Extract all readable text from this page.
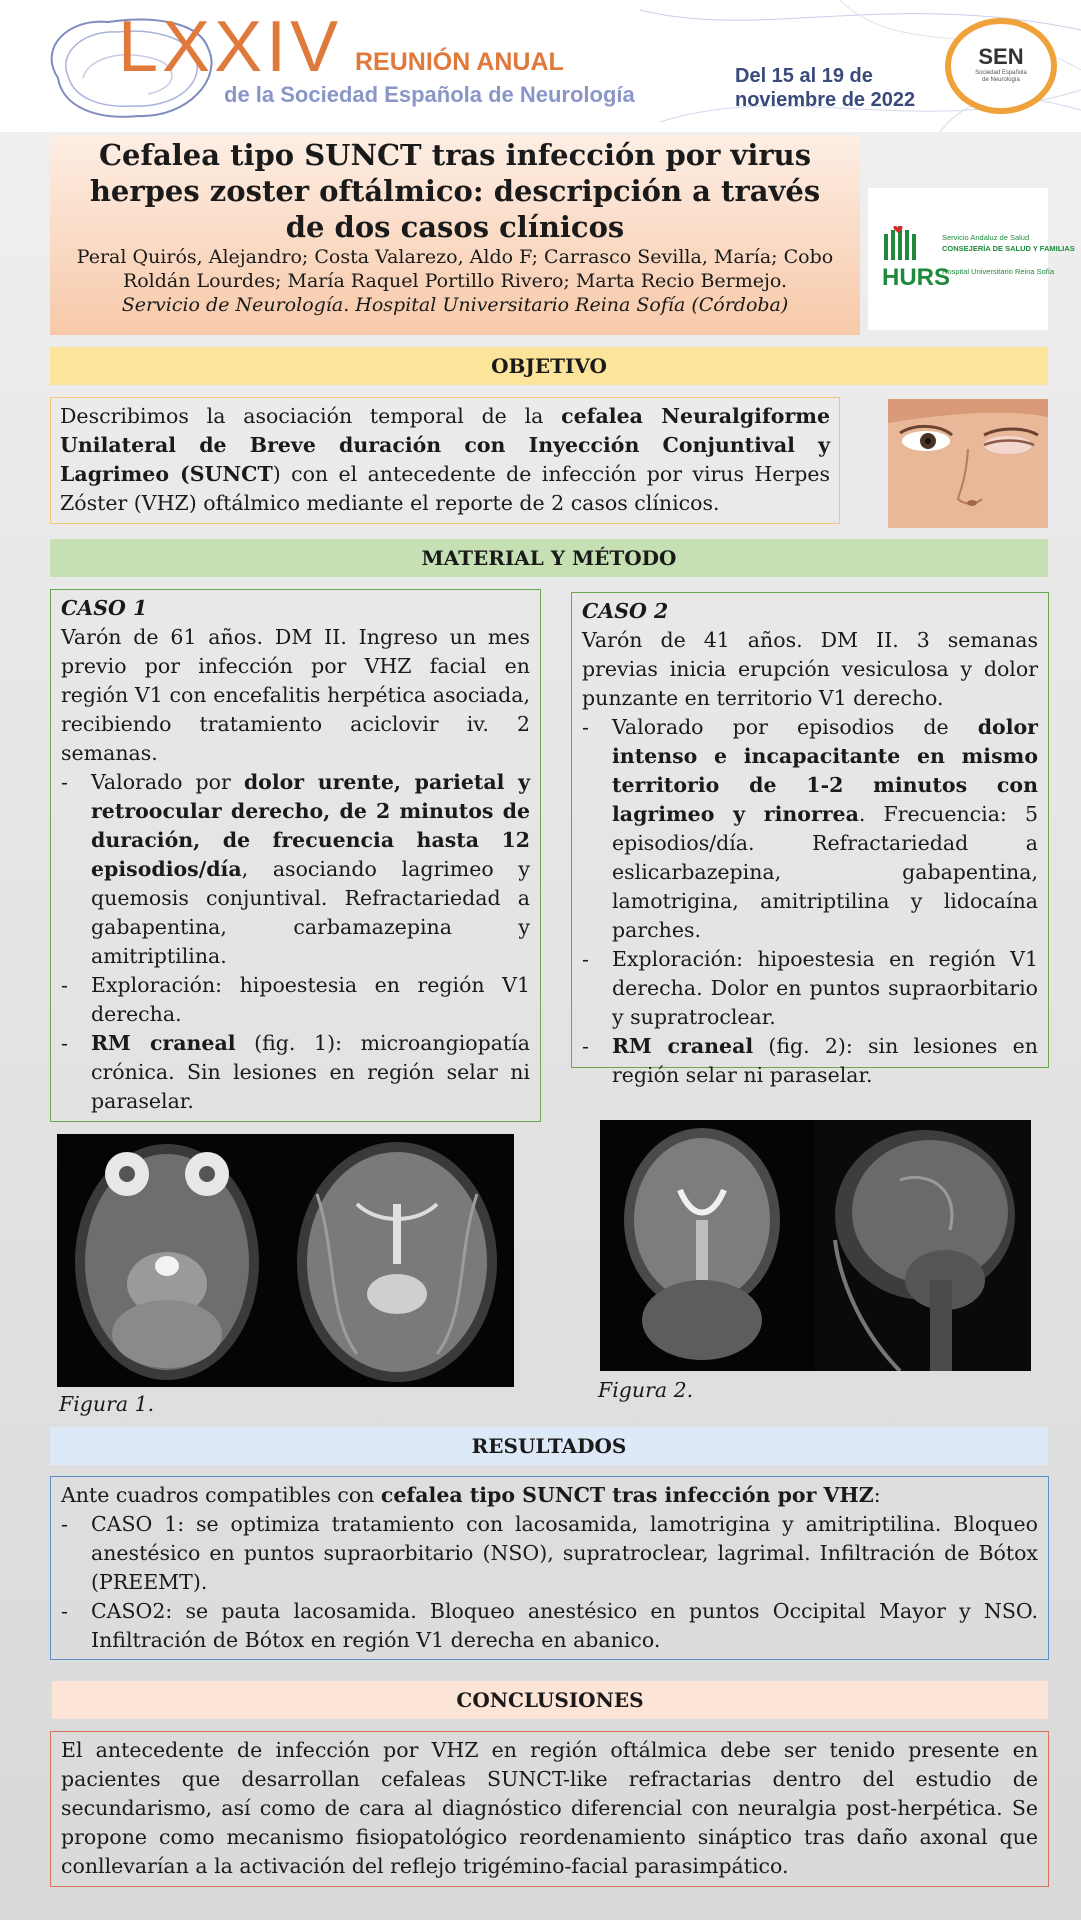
LXXIV REUNIÓN ANUAL
de la Sociedad Española de Neurología
Del 15 al 19 de
noviembre de 2022
SEN
Sociedad Española
de Neurología
Cefalea tipo SUNCT tras infección por virus herpes zoster oftálmico: descripción a través de dos casos clínicos
Peral Quirós, Alejandro; Costa Valarezo, Aldo F; Carrasco Sevilla, María; Cobo Roldán Lourdes; María Raquel Portillo Rivero; Marta Recio Bermejo.
Servicio de Neurología. Hospital Universitario Reina Sofía (Córdoba)
HURS
Servicio Andaluz de Salud
CONSEJERÍA DE SALUD Y FAMILIAS
Hospital Universitario Reina Sofía
OBJETIVO
Describimos la asociación temporal de la cefalea Neuralgiforme Unilateral de Breve duración con Inyección Conjuntival y Lagrimeo (SUNCT) con el antecedente de infección por virus Herpes Zóster (VHZ) oftálmico mediante el reporte de 2 casos clínicos.
MATERIAL Y MÉTODO
CASO 1
Varón de 61 años. DM II. Ingreso un mes previo por infección por VHZ facial en región V1 con encefalitis herpética asociada, recibiendo tratamiento aciclovir iv. 2 semanas.
- Valorado por dolor urente, parietal y retroocular derecho, de 2 minutos de duración, de frecuencia hasta 12 episodios/día, asociando lagrimeo y quemosis conjuntival. Refractariedad a gabapentina, carbamazepina y amitriptilina.
- Exploración: hipoestesia en región V1 derecha.
- RM craneal (fig. 1): microangiopatía crónica. Sin lesiones en región selar ni paraselar.
CASO 2
Varón de 41 años. DM II. 3 semanas previas inicia erupción vesiculosa y dolor punzante en territorio V1 derecho.
- Valorado por episodios de dolor intenso e incapacitante en mismo territorio de 1-2 minutos con lagrimeo y rinorrea. Frecuencia: 5 episodios/día. Refractariedad a eslicarbazepina, gabapentina, lamotrigina, amitriptilina y lidocaína parches.
- Exploración: hipoestesia en región V1 derecha. Dolor en puntos supraorbitario y supratroclear.
- RM craneal (fig. 2): sin lesiones en región selar ni paraselar.
Figura 1.
Figura 2.
RESULTADOS
Ante cuadros compatibles con cefalea tipo SUNCT tras infección por VHZ:
- CASO 1: se optimiza tratamiento con lacosamida, lamotrigina y amitriptilina. Bloqueo anestésico en puntos supraorbitario (NSO), supratroclear, lagrimal. Infiltración de Bótox (PREEMT).
- CASO2: se pauta lacosamida. Bloqueo anestésico en puntos Occipital Mayor y NSO. Infiltración de Bótox en región V1 derecha en abanico.
CONCLUSIONES
El antecedente de infección por VHZ en región oftálmica debe ser tenido presente en pacientes que desarrollan cefaleas SUNCT-like refractarias dentro del estudio de secundarismo, así como de cara al diagnóstico diferencial con neuralgia post-herpética. Se propone como mecanismo fisiopatológico reordenamiento sináptico tras daño axonal que conllevarían a la activación del reflejo trigémino-facial parasimpático.
